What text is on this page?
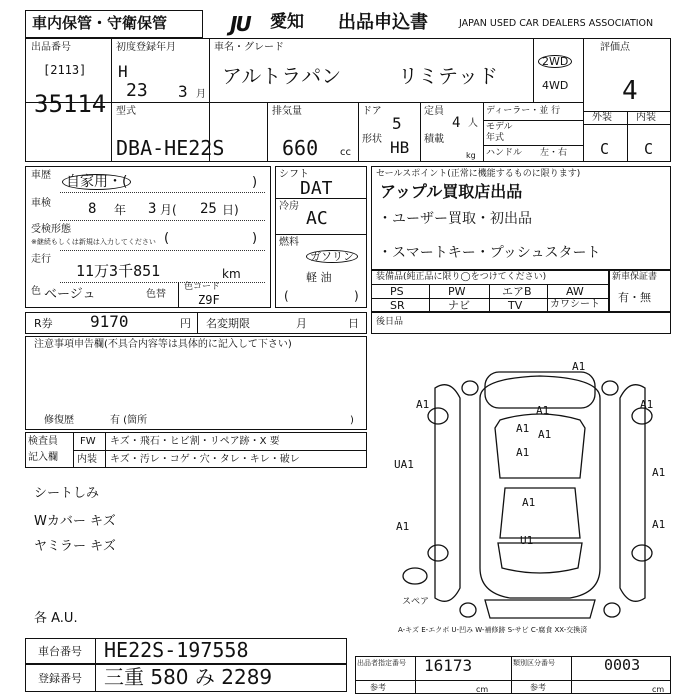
車内保管・守衛保管	JU	愛知 出品申込書	JAPAN USED CAR DEALERS ASSOCIATION
出品番号
[2113]
35114
初度登録年月
H
23 3 月
車名・グレード
アルトラパン	リミテッド
2WD
4WD
評価点
4
外装 内装
C C
型式
DBA-HE22S
排気量
660 cc
ドア
5
形状 HB
定員
4 人
積載
kg
ディーラー・並 行
モデル 年式
ハンドル 左・右
車歴 自家用・(	)
車検	8 年 3 月( 25 日)
受検形態
※継続もしくは新規は入力してください (	)
走行
11万3千851	km
色 ベージュ	色替
色コード
Z9F
シフト
DAT
冷房
AC
燃料
ガソリン
軽 油
(	)
セールスポイント(正常に機能するものに限ります)
アップル買取店出品
・ユーザー買取・初出品
・スマートキー・プッシュスタート
装備品(純正品に限り◯をつけてください)
PS	PW	エアB	AW
SR	ナビ	TV	カワシート
新車保証書
有・無
R券 9170	円 名変期限	月	日 後日品
注意事項申告欄(不具合内容等は具体的に記入して下さい)
修復歴	有 (箇所	)
検査員
記入欄
FW キズ・飛石・ヒビ割・リペア跡・X 要
内装 キズ・汚レ・コゲ・穴・タレ・キレ・破レ
シートしみ
Wカバー キズ
ヤミラー キズ
各 A.U.
A1
A1	A1
A1
A1
A1
A1
A1
A1
UA1
A1	A1
U1
スペア
A-キズ E-エクボ U-凹み W-補修跡 S-サビ C-腐食 XX-交換済
車台番号 HE22S-197558
登録番号 三重 580 み 2289
出品者指定番号 16173
参考	cm
類別区分番号	0003
参考	cm
